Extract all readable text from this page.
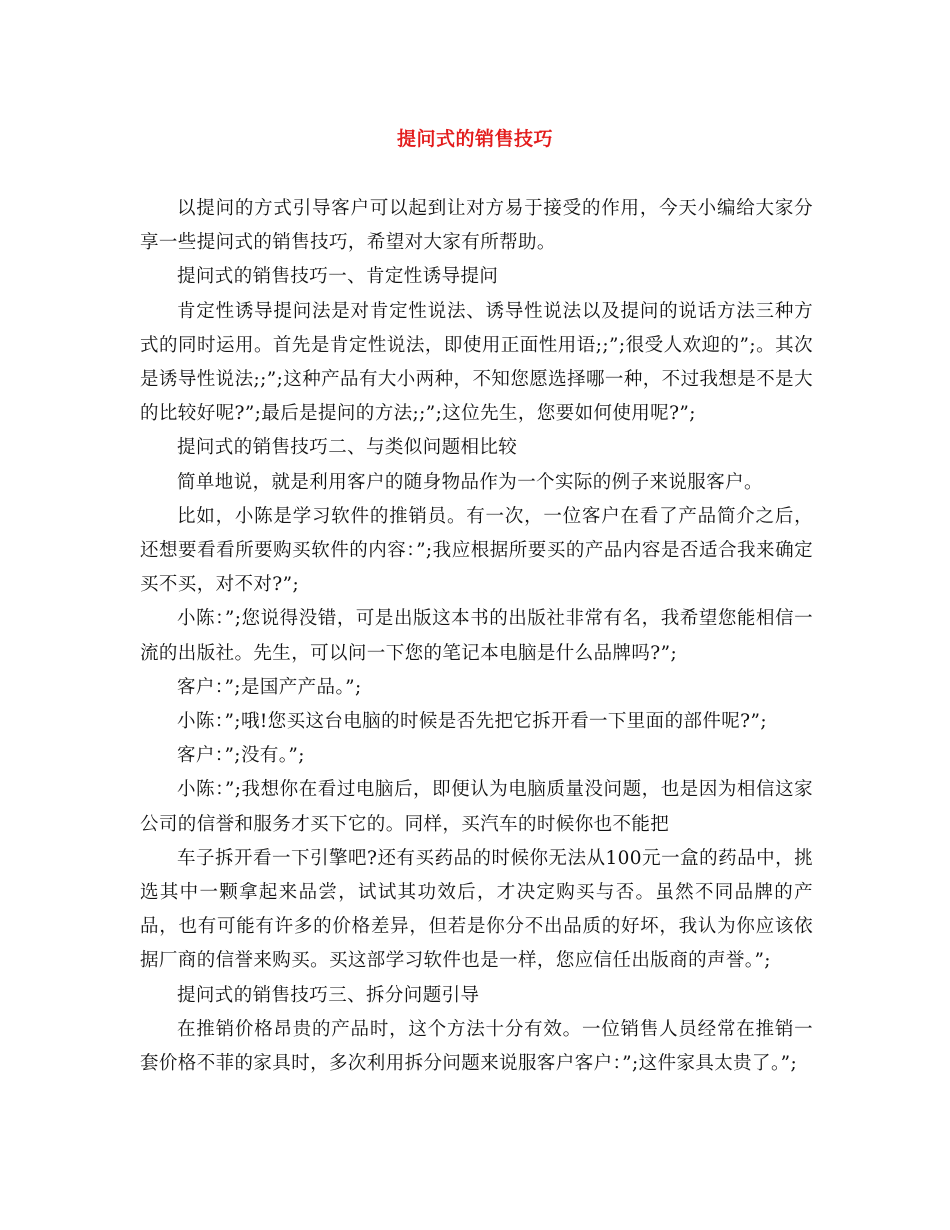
提问式的销售技巧

以提问的方式引导客户可以起到让对方易于接受的作用，今天小编给大家分享一些提问式的销售技巧，希望对大家有所帮助。

提问式的销售技巧一、肯定性诱导提问

肯定性诱导提问法是对肯定性说法、诱导性说法以及提问的说话方法三种方式的同时运用。首先是肯定性说法，即使用正面性用语;;”;很受人欢迎的”;。其次是诱导性说法;;”;这种产品有大小两种，不知您愿选择哪一种，不过我想是不是大的比较好呢?”;最后是提问的方法;;”;这位先生，您要如何使用呢?”;

提问式的销售技巧二、与类似问题相比较

简单地说，就是利用客户的随身物品作为一个实际的例子来说服客户。

比如，小陈是学习软件的推销员。有一次，一位客户在看了产品简介之后，还想要看看所要购买软件的内容：”;我应根据所要买的产品内容是否适合我来确定买不买，对不对?”;

小陈：”;您说得没错，可是出版这本书的出版社非常有名，我希望您能相信一流的出版社。先生，可以问一下您的笔记本电脑是什么品牌吗?”;

客户：”;是国产产品。”;

小陈：”;哦!您买这台电脑的时候是否先把它拆开看一下里面的部件呢?”;

客户：”;没有。”;

小陈：”;我想你在看过电脑后，即便认为电脑质量没问题，也是因为相信这家公司的信誉和服务才买下它的。同样，买汽车的时候你也不能把

车子拆开看一下引擎吧?还有买药品的时候你无法从100元一盒的药品中，挑选其中一颗拿起来品尝，试试其功效后，才决定购买与否。虽然不同品牌的产品，也有可能有许多的价格差异，但若是你分不出品质的好坏，我认为你应该依据厂商的信誉来购买。买这部学习软件也是一样，您应信任出版商的声誉。”;

提问式的销售技巧三、拆分问题引导

在推销价格昂贵的产品时，这个方法十分有效。一位销售人员经常在推销一套价格不菲的家具时，多次利用拆分问题来说服客户客户：”;这件家具太贵了。”;
